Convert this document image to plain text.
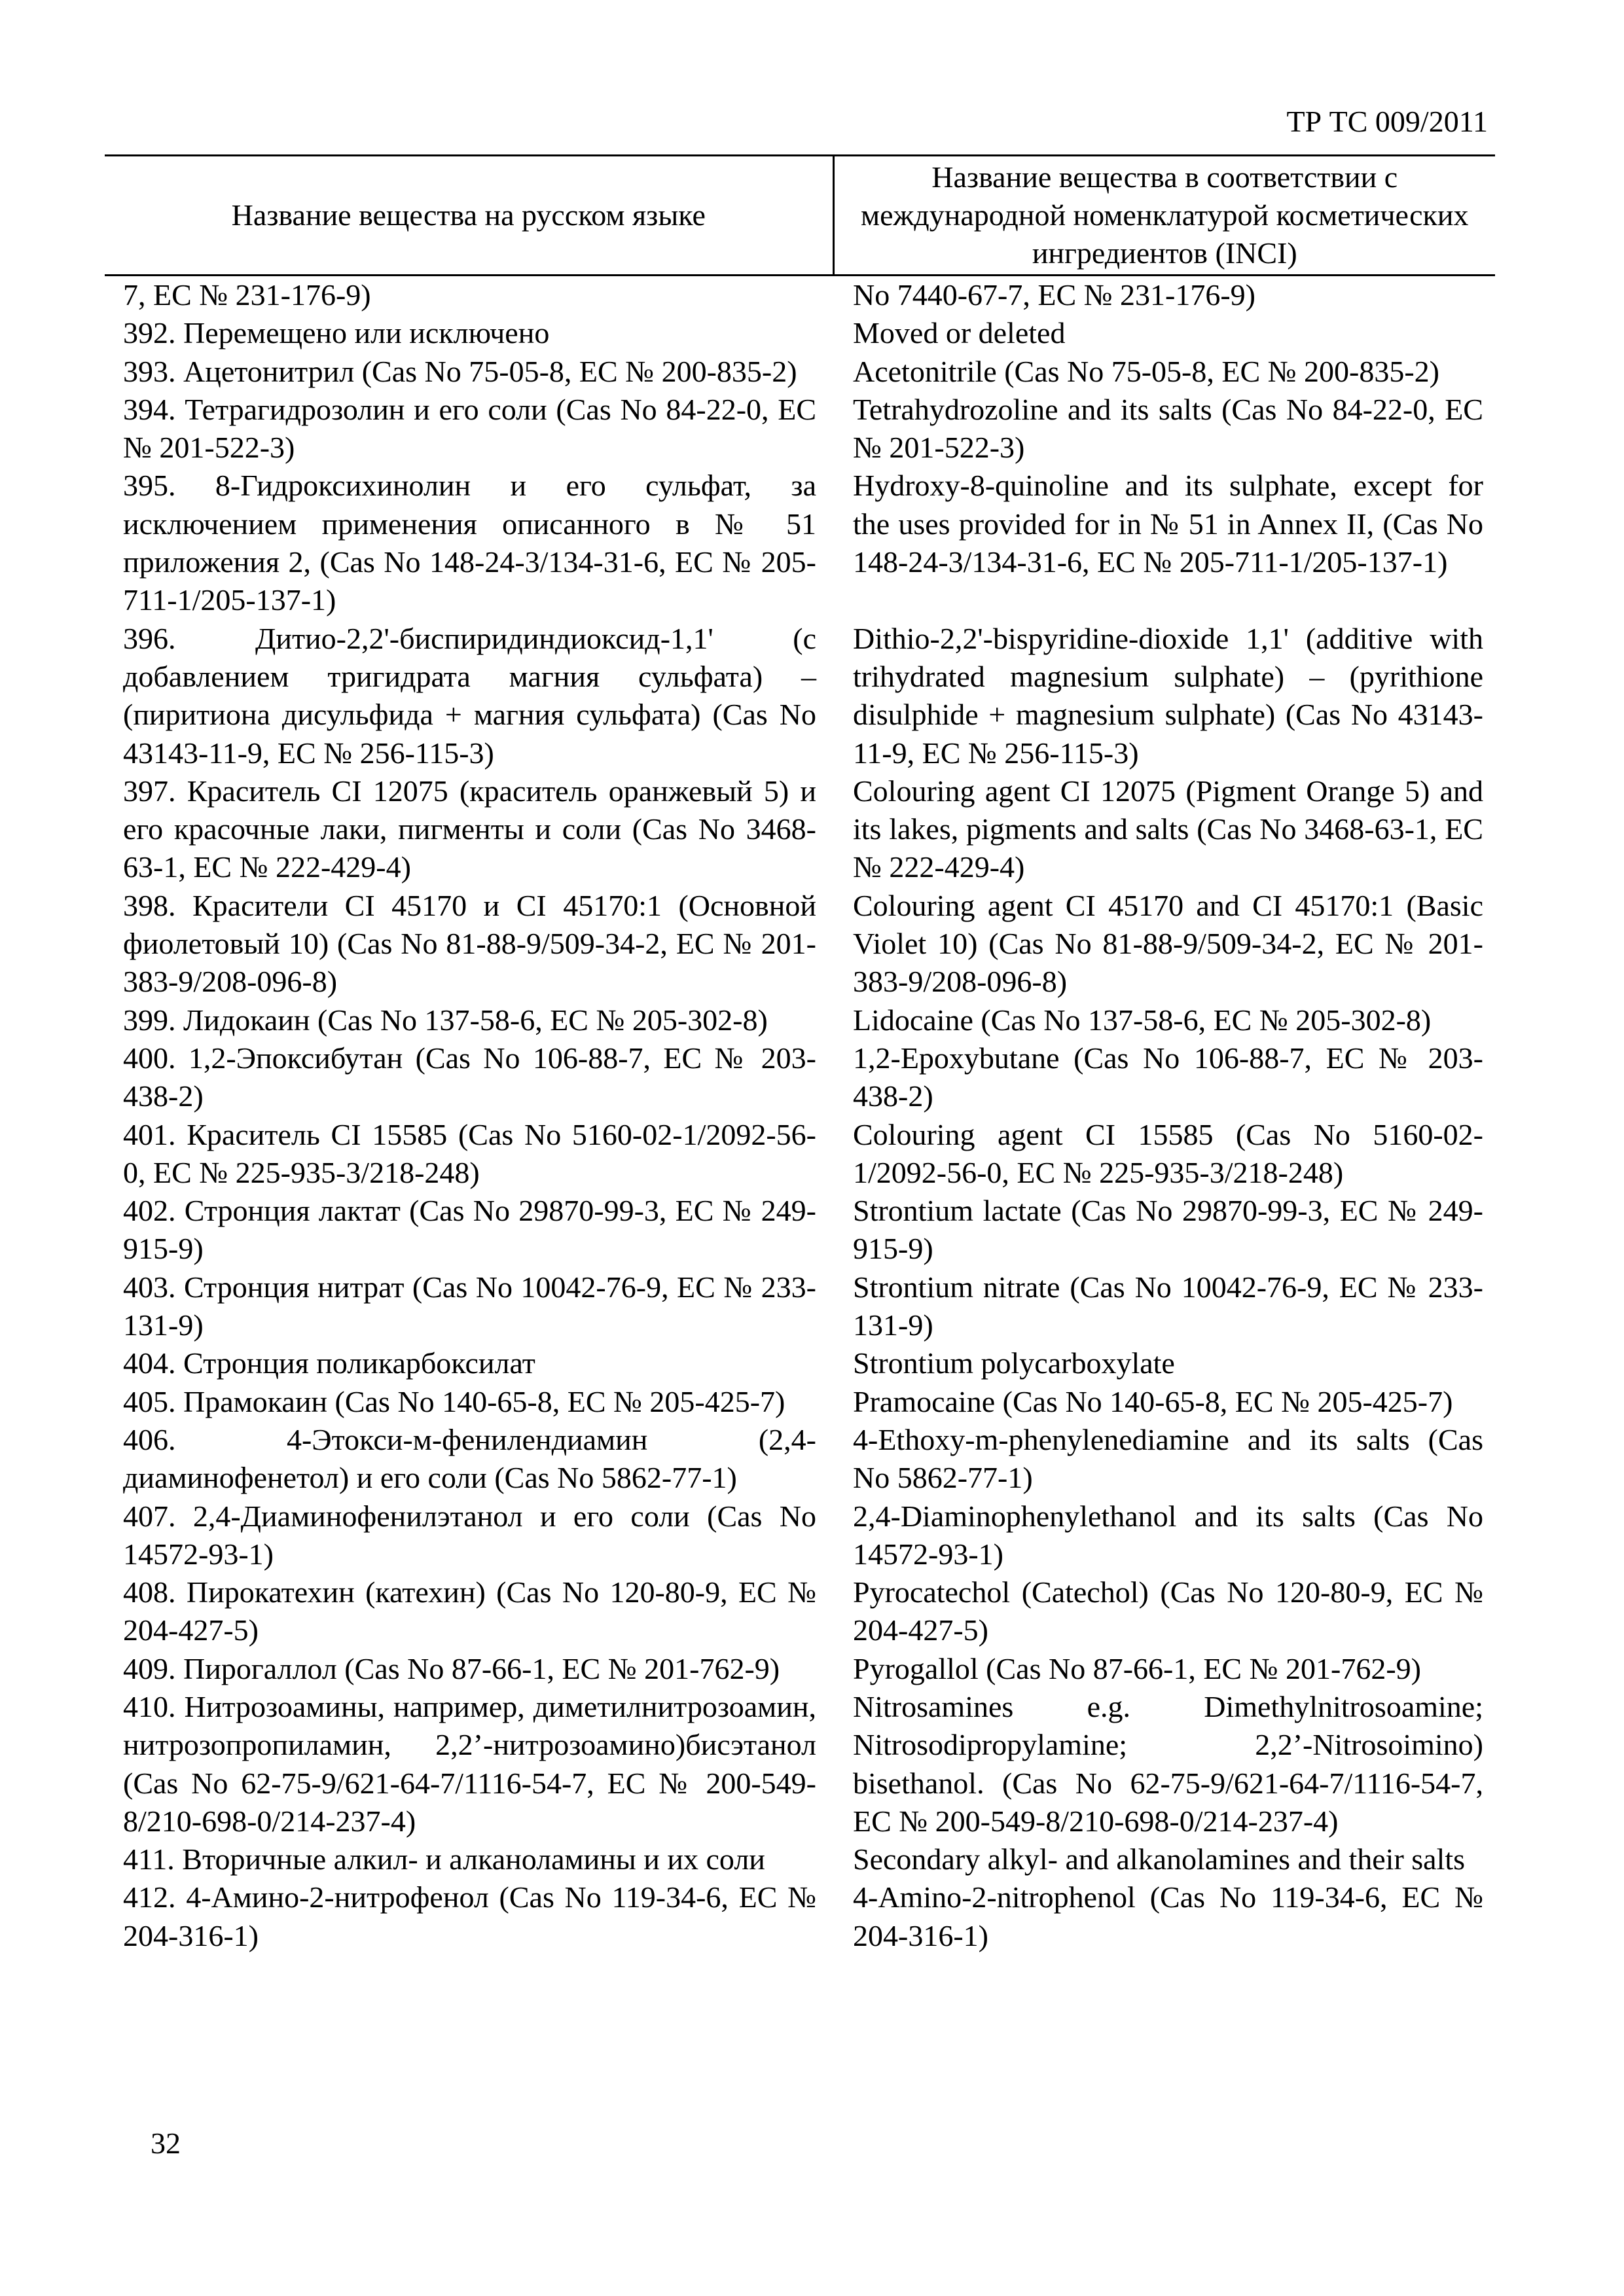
ТР ТС 009/2011
Название вещества на русском языке	Название вещества в соответствии с международной номенклатурой косметических ингредиентов (INCI)
7, ЕС № 231-176-9)	No 7440-67-7, ЕС № 231-176-9)
392. Перемещено или исключено	Moved or deleted
393. Ацетонитрил (Cas No 75-05-8, ЕС № 200-835-2)	Acetonitrile (Cas No 75-05-8, ЕС № 200-835-2)
394. Тетрагидрозолин и его соли (Cas No 84-22-0, ЕС № 201-522-3)	Tetrahydrozoline and its salts (Cas No 84-22-0, ЕС № 201-522-3)
395. 8-Гидроксихинолин и его сульфат, за исключением применения описанного в № 51 приложения 2, (Cas No 148-24-3/134-31-6, ЕС № 205-711-1/205-137-1)	Hydroxy-8-quinoline and its sulphate, except for the uses provided for in № 51 in Annex II, (Cas No 148-24-3/134-31-6, ЕС № 205-711-1/205-137-1)
396. Дитио-2,2'-биспиридиндиоксид-1,1' (с добавлением тригидрата магния сульфата) – (пиритиона дисульфида + магния сульфата) (Cas No 43143-11-9, ЕС № 256-115-3)	Dithio-2,2'-bispyridine-dioxide 1,1' (additive with trihydrated magnesium sulphate) – (pyrithione disulphide + magnesium sulphate) (Cas No 43143-11-9, ЕС № 256-115-3)
397. Краситель CI 12075 (краситель оранжевый 5) и его красочные лаки, пигменты и соли (Cas No 3468-63-1, ЕС № 222-429-4)	Colouring agent CI 12075 (Pigment Orange 5) and its lakes, pigments and salts (Cas No 3468-63-1, ЕС № 222-429-4)
398. Красители CI 45170 и CI 45170:1 (Основной фиолетовый 10) (Cas No 81-88-9/509-34-2, ЕС № 201-383-9/208-096-8)	Colouring agent CI 45170 and CI 45170:1 (Basic Violet 10) (Cas No 81-88-9/509-34-2, ЕС № 201-383-9/208-096-8)
399. Лидокаин (Cas No 137-58-6, ЕС № 205-302-8)	Lidocaine (Cas No 137-58-6, ЕС № 205-302-8)
400. 1,2-Эпоксибутан (Cas No 106-88-7, ЕС № 203-438-2)	1,2-Epoxybutane (Cas No 106-88-7, ЕС № 203-438-2)
401. Краситель CI 15585 (Cas No 5160-02-1/2092-56-0, ЕС № 225-935-3/218-248)	Colouring agent CI 15585 (Cas No 5160-02-1/2092-56-0, ЕС № 225-935-3/218-248)
402. Стронция лактат (Cas No 29870-99-3, ЕС № 249-915-9)	Strontium lactate (Cas No 29870-99-3, ЕС № 249-915-9)
403. Стронция нитрат (Cas No 10042-76-9, ЕС № 233-131-9)	Strontium nitrate (Cas No 10042-76-9, ЕС № 233-131-9)
404. Стронция поликарбоксилат	Strontium polycarboxylate
405. Прамокаин (Cas No 140-65-8, ЕС № 205-425-7)	Pramocaine (Cas No 140-65-8, ЕС № 205-425-7)
406. 4-Этокси-м-фенилендиамин (2,4-диаминофенетол) и его соли (Cas No 5862-77-1)	4-Ethoxy-m-phenylenediamine and its salts (Cas No 5862-77-1)
407. 2,4-Диаминофенилэтанол и его соли (Cas No 14572-93-1)	2,4-Diaminophenylethanol and its salts (Cas No 14572-93-1)
408. Пирокатехин (катехин) (Cas No 120-80-9, ЕС № 204-427-5)	Pyrocatechol (Catechol) (Cas No 120-80-9, ЕС № 204-427-5)
409. Пирогаллол (Cas No 87-66-1, ЕС № 201-762-9)	Pyrogallol (Cas No 87-66-1, ЕС № 201-762-9)
410. Нитрозоамины, например, диметилнитрозоамин, нитрозопропиламин, 2,2’-нитрозоамино)бисэтанол (Cas No 62-75-9/621-64-7/1116-54-7, ЕС № 200-549-8/210-698-0/214-237-4)	Nitrosamines e.g. Dimethylnitrosoamine; Nitrosodipropylamine; 2,2’-Nitrosoimino) bisethanol. (Cas No 62-75-9/621-64-7/1116-54-7, ЕС № 200-549-8/210-698-0/214-237-4)
411. Вторичные алкил- и алканоламины и их соли	Secondary alkyl- and alkanolamines and their salts
412. 4-Амино-2-нитрофенол (Cas No 119-34-6, ЕС № 204-316-1)	4-Amino-2-nitrophenol (Cas No 119-34-6, ЕС № 204-316-1)
32
